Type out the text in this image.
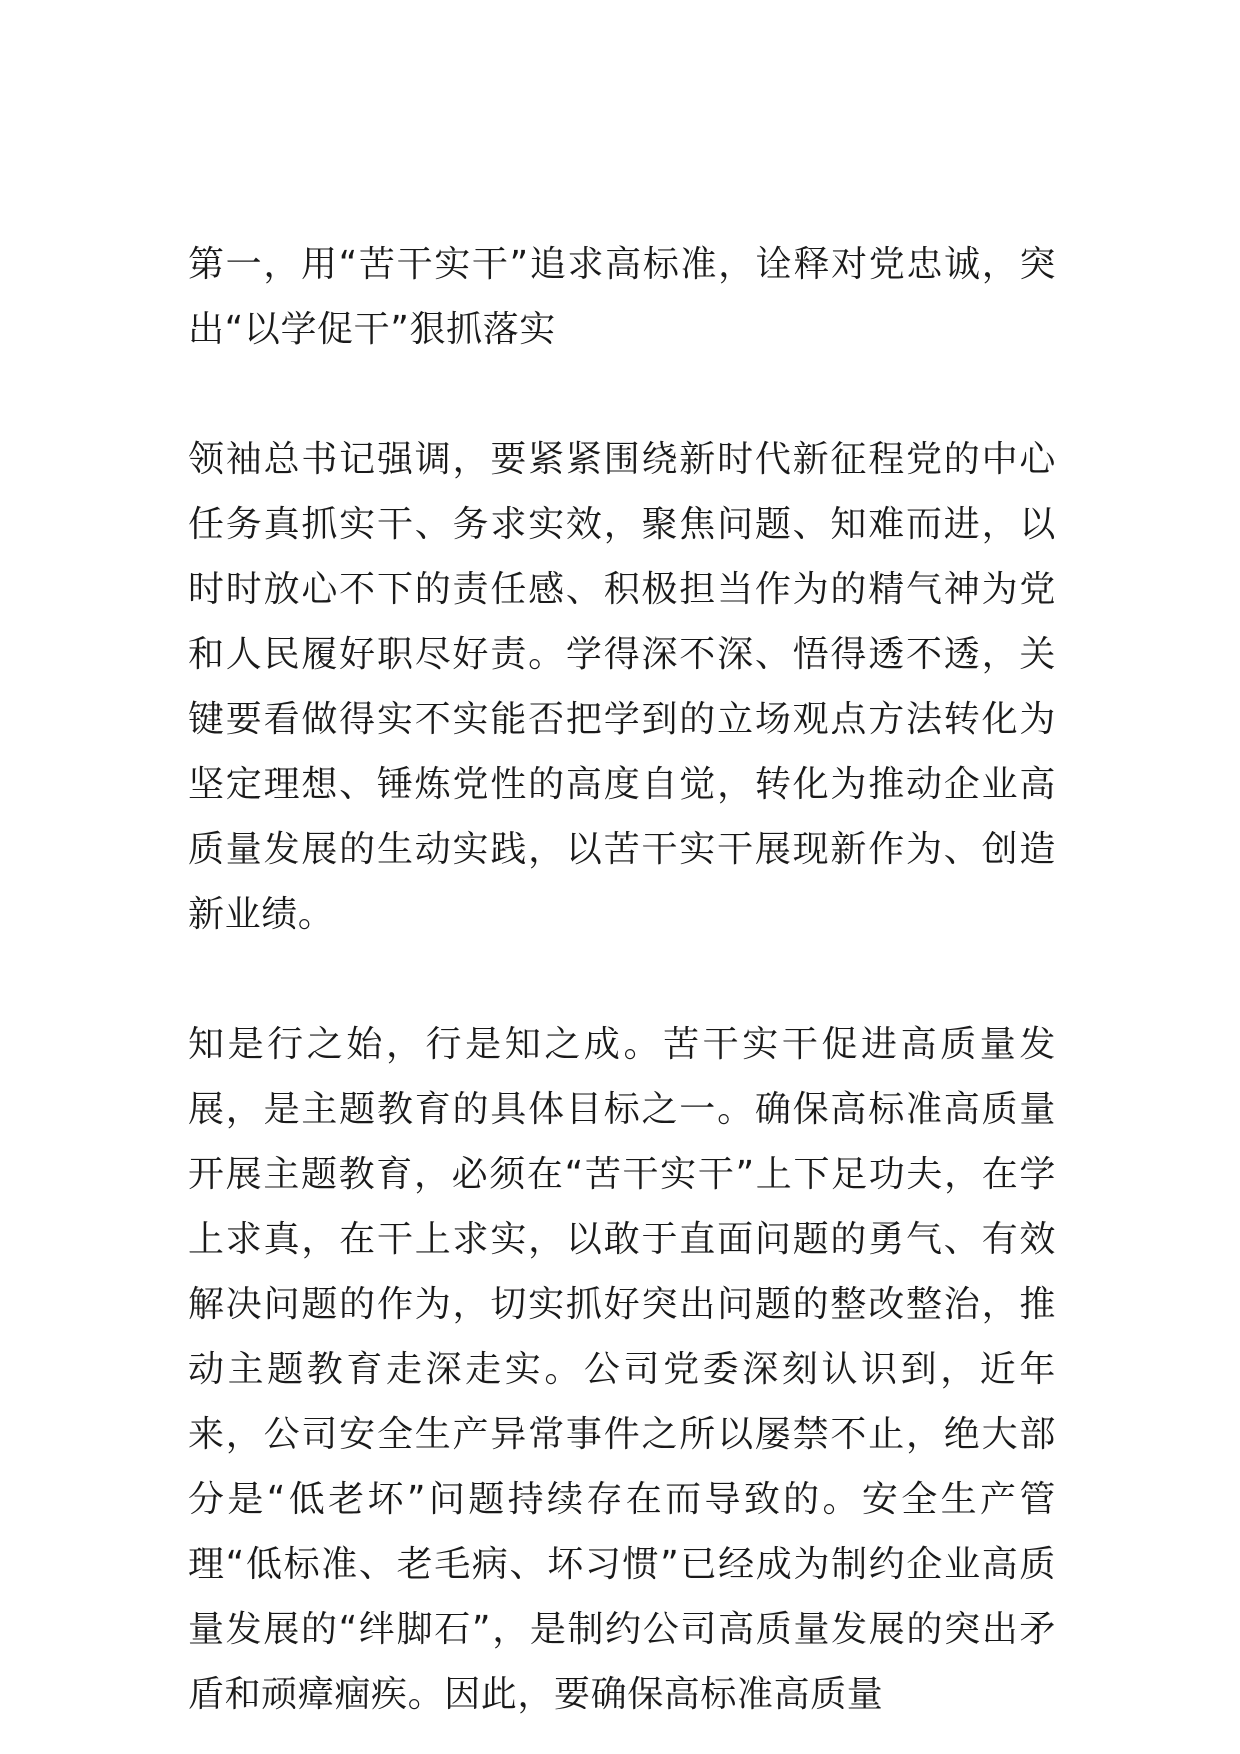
第一，用“苦干实干”追求高标准，诠释对党忠诚，突出“以学促干”狠抓落实

领袖总书记强调，要紧紧围绕新时代新征程党的中心任务真抓实干、务求实效，聚焦问题、知难而进，以时时放心不下的责任感、积极担当作为的精气神为党和人民履好职尽好责。学得深不深、悟得透不透，关键要看做得实不实能否把学到的立场观点方法转化为坚定理想、锤炼党性的高度自觉，转化为推动企业高质量发展的生动实践，以苦干实干展现新作为、创造新业绩。

知是行之始，行是知之成。苦干实干促进高质量发展，是主题教育的具体目标之一。确保高标准高质量开展主题教育，必须在“苦干实干”上下足功夫，在学上求真，在干上求实，以敢于直面问题的勇气、有效解决问题的作为，切实抓好突出问题的整改整治，推动主题教育走深走实。公司党委深刻认识到，近年来，公司安全生产异常事件之所以屡禁不止，绝大部分是“低老坏”问题持续存在而导致的。安全生产管理“低标准、老毛病、坏习惯”已经成为制约企业高质量发展的“绊脚石”，是制约公司高质量发展的突出矛盾和顽瘴痼疾。因此，要确保高标准高质量
